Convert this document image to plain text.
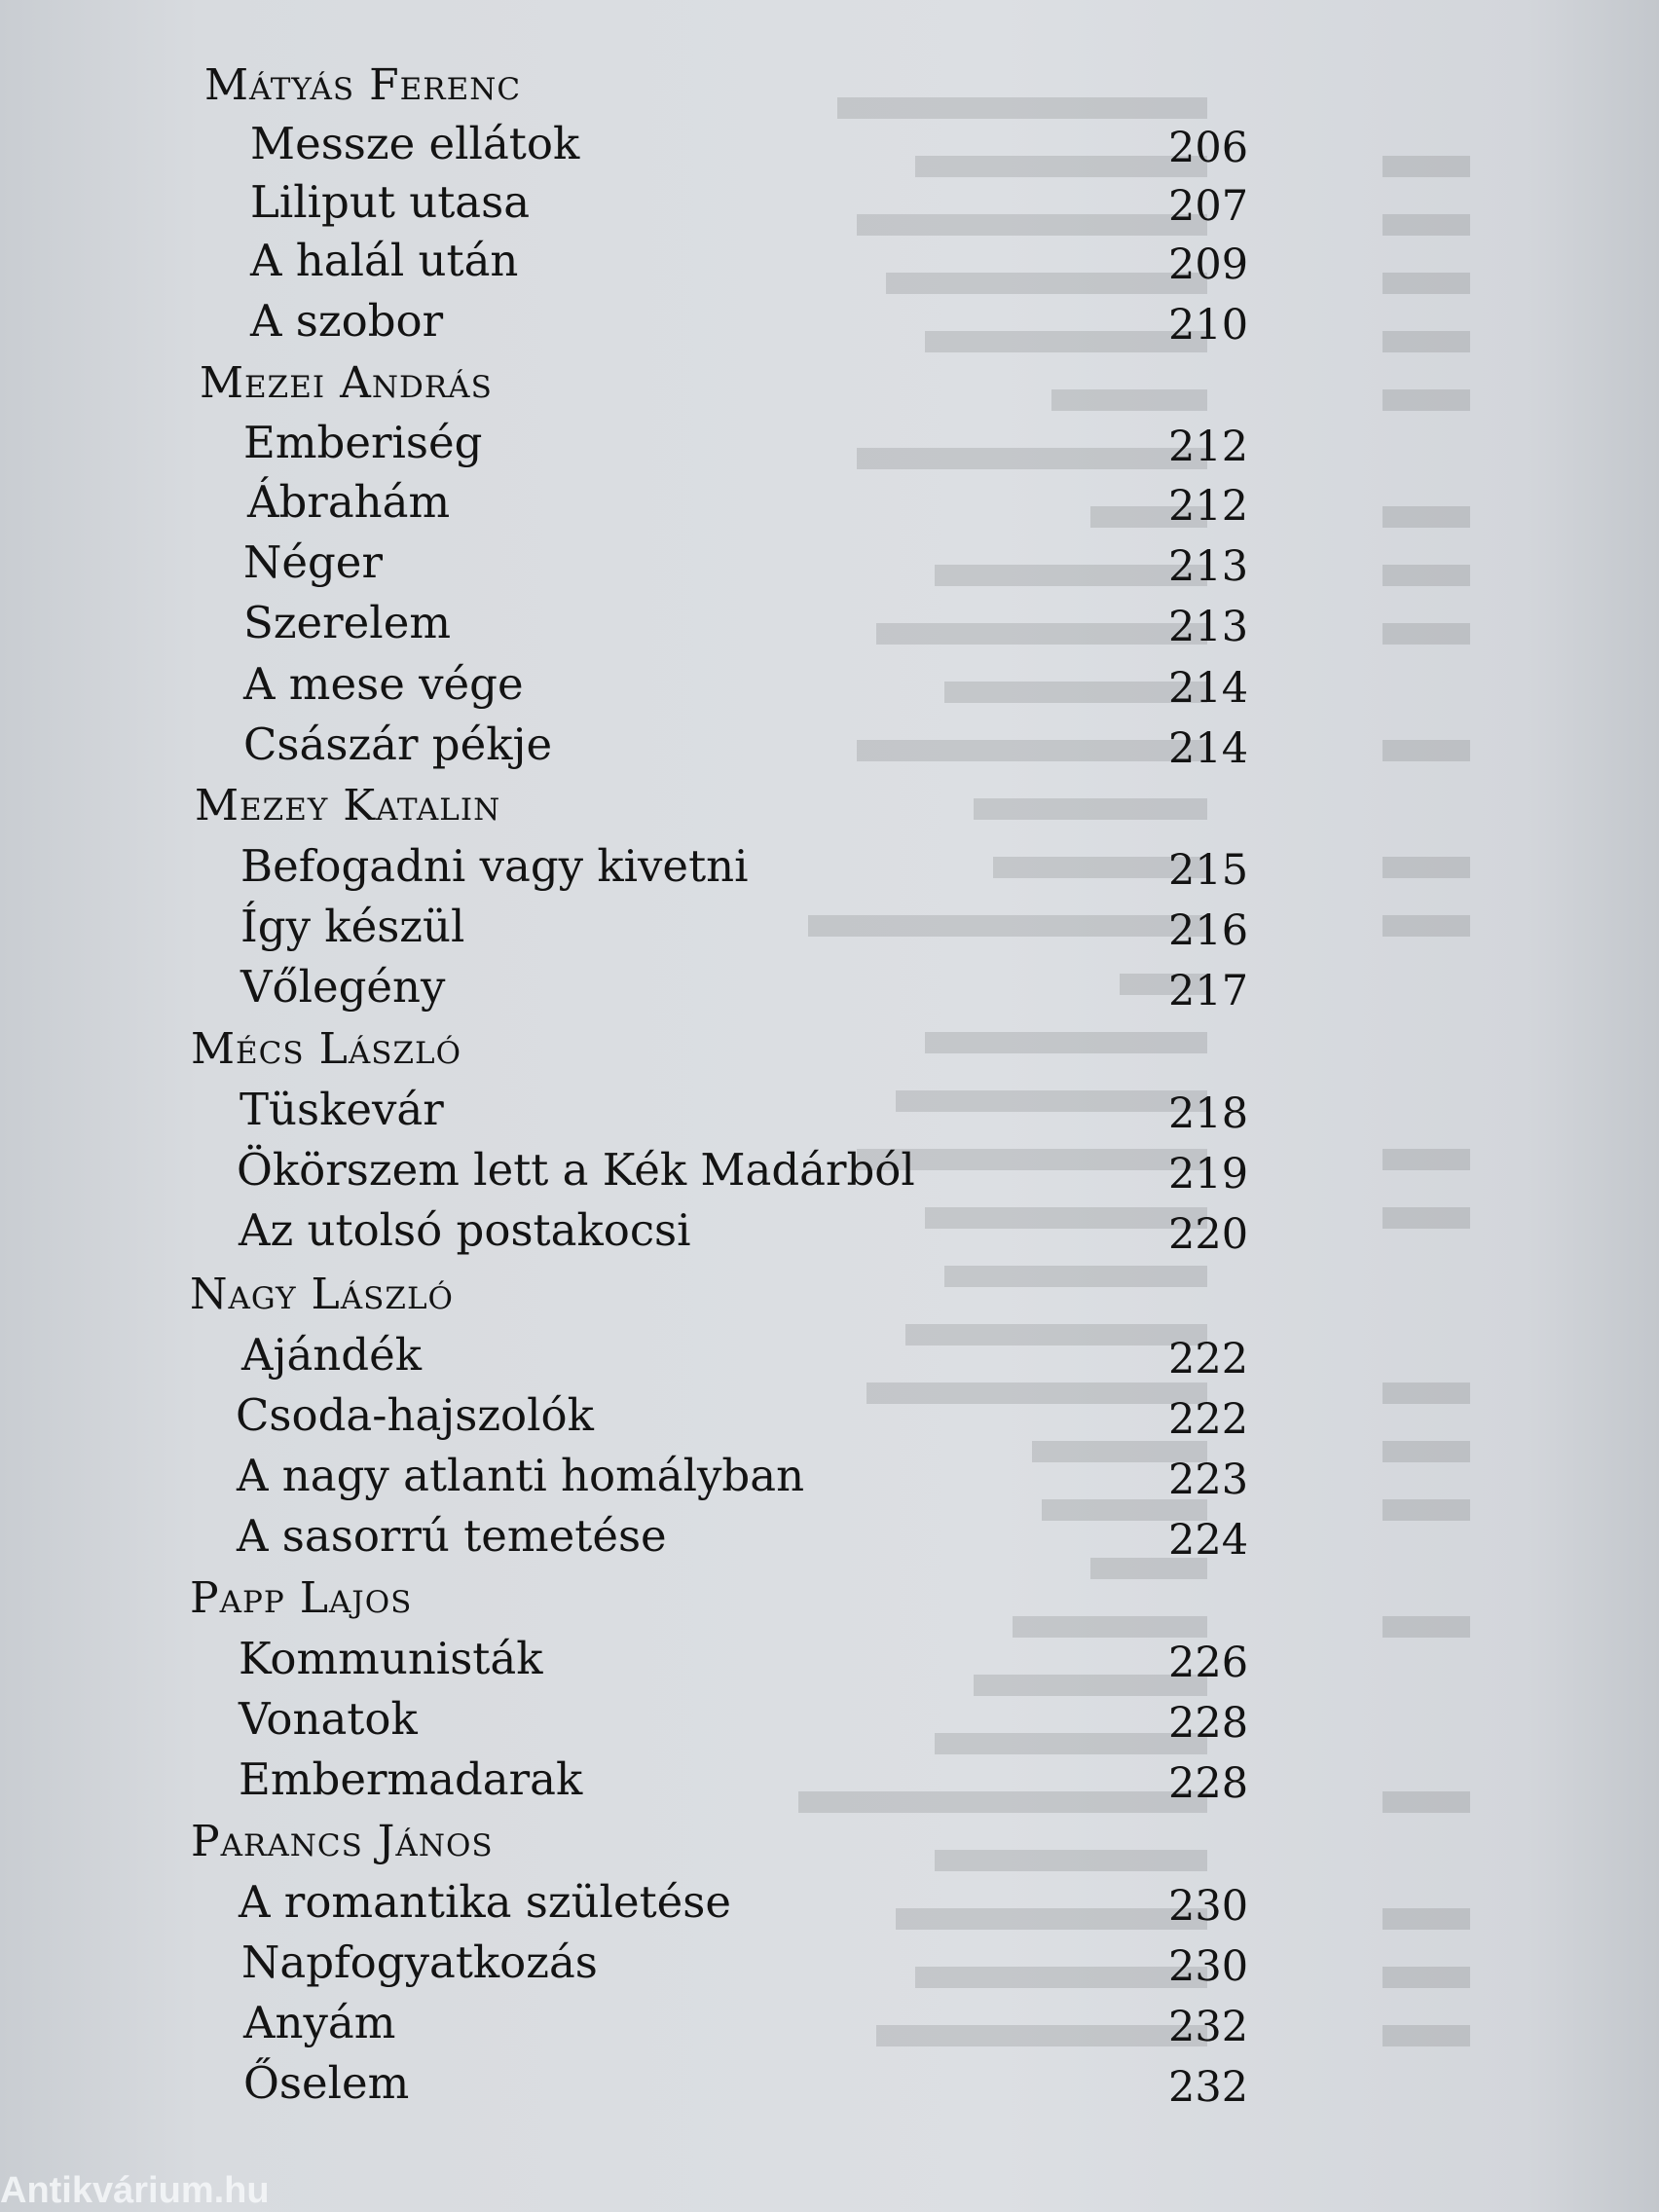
Mátyás Ferenc
Messze ellátok	206
Liliput utasa	207
A halál után	209
A szobor	210
Mezei András
Emberiség	212
Ábrahám	212
Néger	213
Szerelem	213
A mese vége	214
Császár pékje	214
Mezey Katalin
Befogadni vagy kivetni	215
Így készül	216
Vőlegény	217
Mécs László
Tüskevár	218
Ökörszem lett a Kék Madárból	219
Az utolsó postakocsi	220
Nagy László
Ajándék	222
Csoda-hajszolók	222
A nagy atlanti homályban	223
A sasorrú temetése	224
Papp Lajos
Kommunisták	226
Vonatok	228
Embermadarak	228
Parancs János
A romantika születése	230
Napfogyatkozás	230
Anyám	232
Őselem	232
Antikvárium.hu
